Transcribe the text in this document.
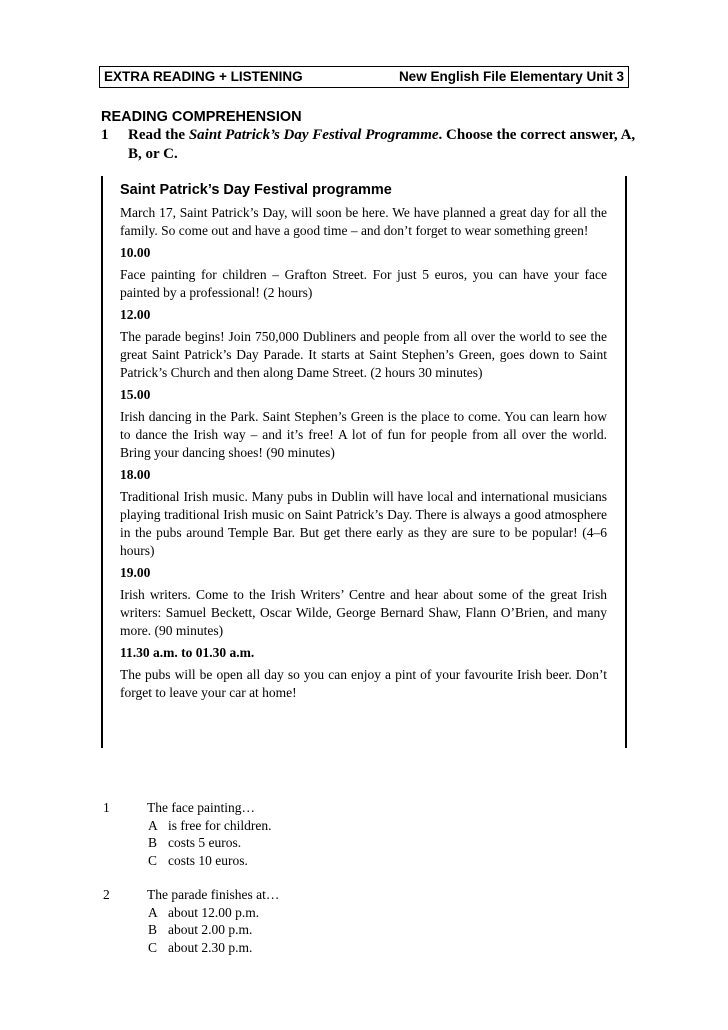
EXTRA READING + LISTENING	New English File Elementary Unit 3
READING COMPREHENSION
1 Read the Saint Patrick’s Day Festival Programme. Choose the correct answer, A, B, or C.
Saint Patrick’s Day Festival programme

March 17, Saint Patrick’s Day, will soon be here. We have planned a great day for all the family. So come out and have a good time – and don’t forget to wear something green!

10.00

Face painting for children – Grafton Street. For just 5 euros, you can have your face painted by a professional! (2 hours)

12.00

The parade begins! Join 750,000 Dubliners and people from all over the world to see the great Saint Patrick’s Day Parade. It starts at Saint Stephen’s Green, goes down to Saint Patrick’s Church and then along Dame Street. (2 hours 30 minutes)

15.00

Irish dancing in the Park. Saint Stephen’s Green is the place to come. You can learn how to dance the Irish way – and it’s free! A lot of fun for people from all over the world. Bring your dancing shoes! (90 minutes)

18.00

Traditional Irish music. Many pubs in Dublin will have local and international musicians playing traditional Irish music on Saint Patrick’s Day. There is always a good atmosphere in the pubs around Temple Bar. But get there early as they are sure to be popular! (4–6 hours)

19.00

Irish writers. Come to the Irish Writers’ Centre and hear about some of the great Irish writers: Samuel Beckett, Oscar Wilde, George Bernard Shaw, Flann O’Brien, and many more. (90 minutes)

11.30 a.m. to 01.30 a.m.

The pubs will be open all day so you can enjoy a pint of your favourite Irish beer. Don’t forget to leave your car at home!

1	The face painting…
A is free for children.
B costs 5 euros.
C costs 10 euros.
2	The parade finishes at…
A about 12.00 p.m.
B about 2.00 p.m.
C about 2.30 p.m.
